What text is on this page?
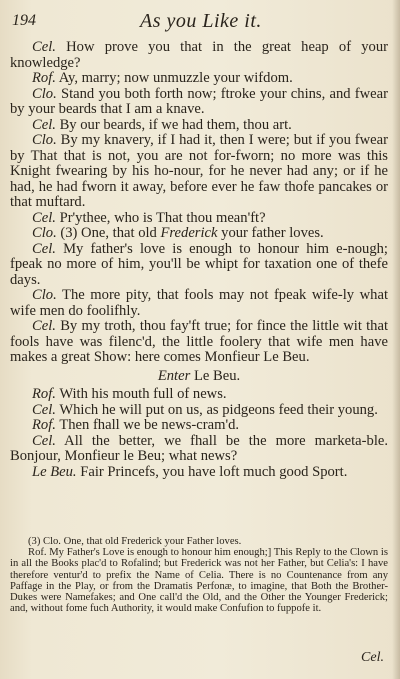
194	As you Like it.

Cel. How prove you that in the great heap of your knowledge?

Rof. Ay, marry; now unmuzzle your wifdom.

Clo. Stand you both forth now; ftroke your chins, and fwear by your beards that I am a knave.

Cel. By our beards, if we had them, thou art.

Clo. By my knavery, if I had it, then I were; but if you fwear by That that is not, you are not for-fworn; no more was this Knight fwearing by his ho-nour, for he never had any; or if he had, he had fworn it away, before ever he faw thofe pancakes or that muftard.

Cel. Pr'ythee, who is That thou mean'ft?

Clo. (3) One, that old Frederick your father loves.

Cel. My father's love is enough to honour him e-nough; fpeak no more of him, you'll be whipt for taxation one of thefe days.

Clo. The more pity, that fools may not fpeak wife-ly what wife men do foolifhly.

Cel. By my troth, thou fay'ft true; for fince the little wit that fools have was filenc'd, the little foolery that wife men have makes a great Show: here comes Monfieur Le Beu.

Enter Le Beu.

Rof. With his mouth full of news.

Cel. Which he will put on us, as pidgeons feed their young.

Rof. Then fhall we be news-cram'd.

Cel. All the better, we fhall be the more marketa-ble. Bonjour, Monfieur le Beu; what news?

Le Beu. Fair Princefs, you have loft much good Sport.

(3) Clo. One, that old Frederick your Father loves.

Rof. My Father's Love is enough to honour him enough;] This Reply to the Clown is in all the Books plac'd to Rofalind; but Frederick was not her Father, but Celia's: I have therefore ventur'd to prefix the Name of Celia. There is no Countenance from any Paffage in the Play, or from the Dramatis Perfonæ, to imagine, that Both the Brother-Dukes were Namefakes; and One call'd the Old, and the Other the Younger Frederick; and, without fome fuch Authority, it would make Confufion to fuppofe it.

Cel.
